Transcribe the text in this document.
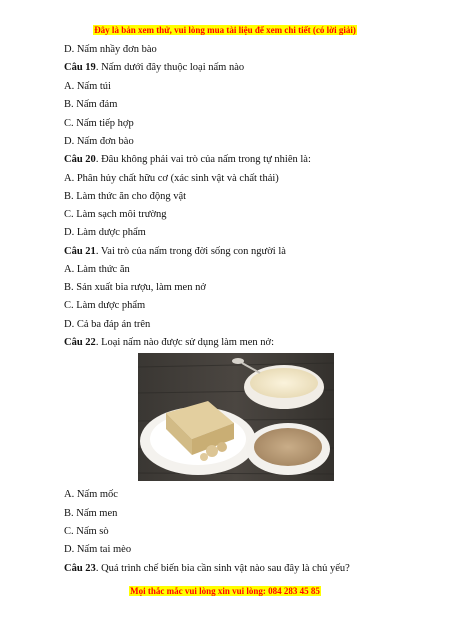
Đây là bản xem thử, vui lòng mua tài liệu để xem chi tiết (có lời giải)
D. Nấm nhầy đơn bào
Câu 19. Nấm dưới đây thuộc loại nấm nào
A. Nấm túi
B. Nấm đảm
C. Nấm tiếp hợp
D. Nấm đơn bào
Câu 20. Đâu không phải vai trò của nấm trong tự nhiên là:
A. Phân hủy chất hữu cơ (xác sinh vật và chất thải)
B. Làm thức ăn cho động vật
C. Làm sạch môi trường
D. Làm dược phẩm
Câu 21. Vai trò của nấm trong đời sống con người là
A. Làm thức ăn
B. Sản xuất bia rượu, làm men nở
C. Làm dược phẩm
D. Cả ba đáp án trên
Câu 22. Loại nấm nào được sử dụng làm men nở:
A. Nấm mốc
B. Nấm men
C. Nấm sò
D. Nấm tai mèo
Câu 23. Quá trình chế biến bia cần sinh vật nào sau đây là chủ yếu?
Mọi thắc mắc vui lòng xin vui lòng: 084 283 45 85
